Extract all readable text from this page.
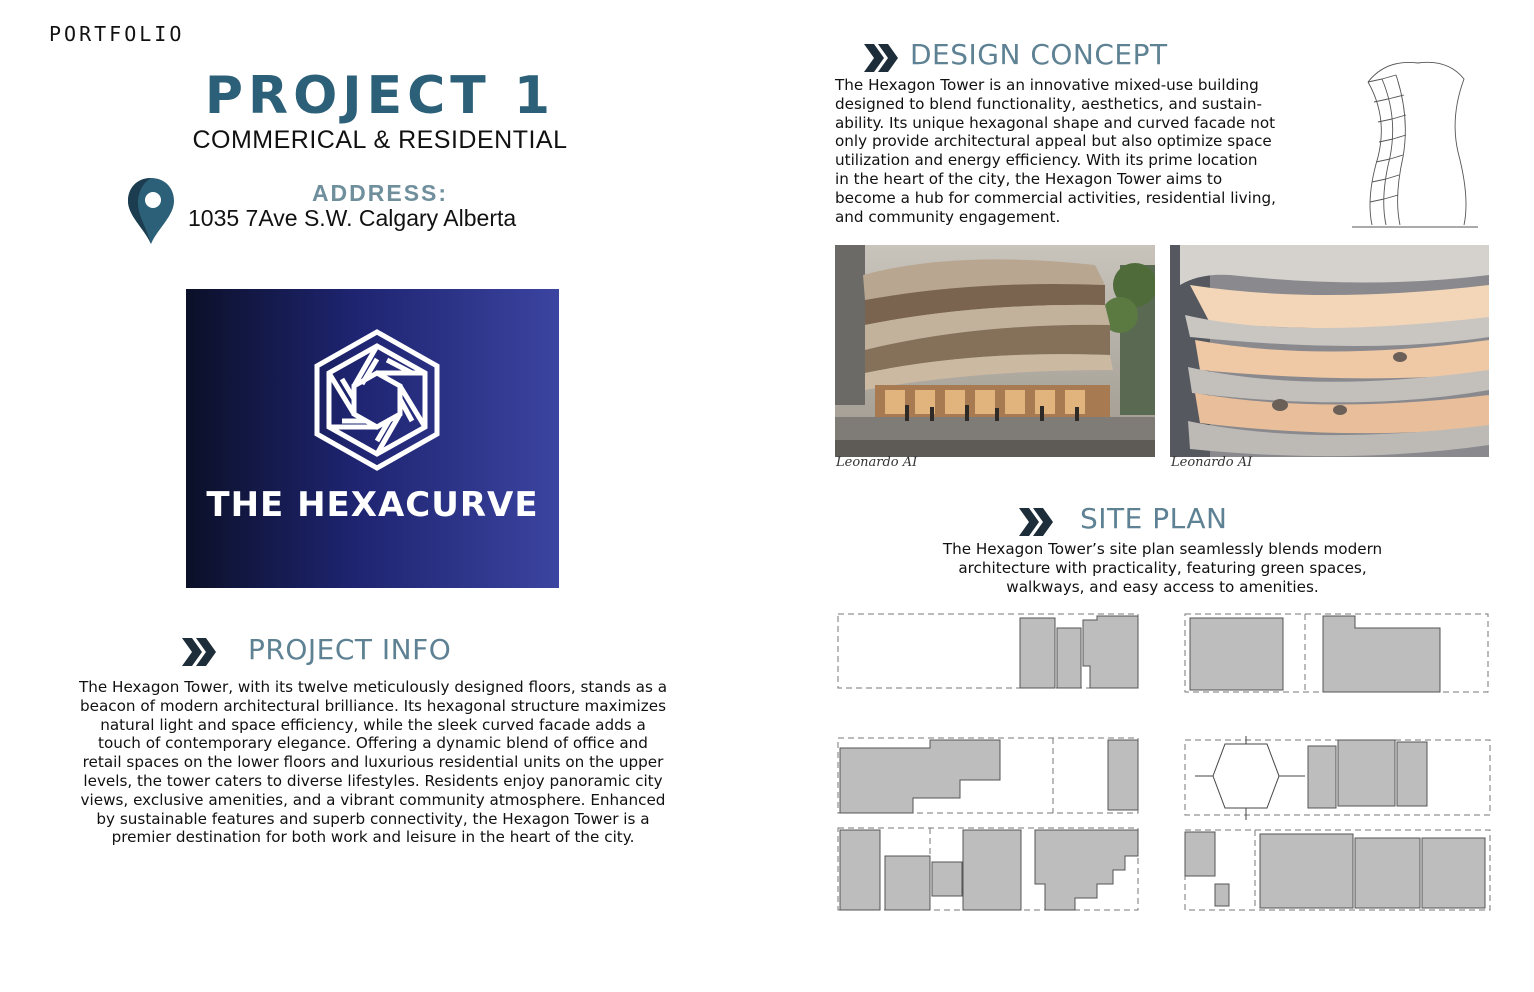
PORTFOLIO
PROJECT 1
COMMERICAL & RESIDENTIAL
ADDRESS:
1035 7Ave S.W. Calgary Alberta
THE HEXACURVE
PROJECT INFO
The Hexagon Tower, with its twelve meticulously designed floors, stands as a
beacon of modern architectural brilliance. Its hexagonal structure maximizes
natural light and space efficiency, while the sleek curved facade adds a
touch of contemporary elegance. Offering a dynamic blend of office and
retail spaces on the lower floors and luxurious residential units on the upper
levels, the tower caters to diverse lifestyles. Residents enjoy panoramic city
views, exclusive amenities, and a vibrant community atmosphere. Enhanced
by sustainable features and superb connectivity, the Hexagon Tower is a
premier destination for both work and leisure in the heart of the city.
DESIGN CONCEPT
The Hexagon Tower is an innovative mixed-use building
designed to blend functionality, aesthetics, and sustain-
ability. Its unique hexagonal shape and curved facade not
only provide architectural appeal but also optimize space
utilization and energy efficiency. With its prime location
in the heart of the city, the Hexagon Tower aims to
become a hub for commercial activities, residential living,
and community engagement.
Leonardo AI	Leonardo AI
SITE PLAN
The Hexagon Tower’s site plan seamlessly blends modern
architecture with practicality, featuring green spaces,
walkways, and easy access to amenities.
